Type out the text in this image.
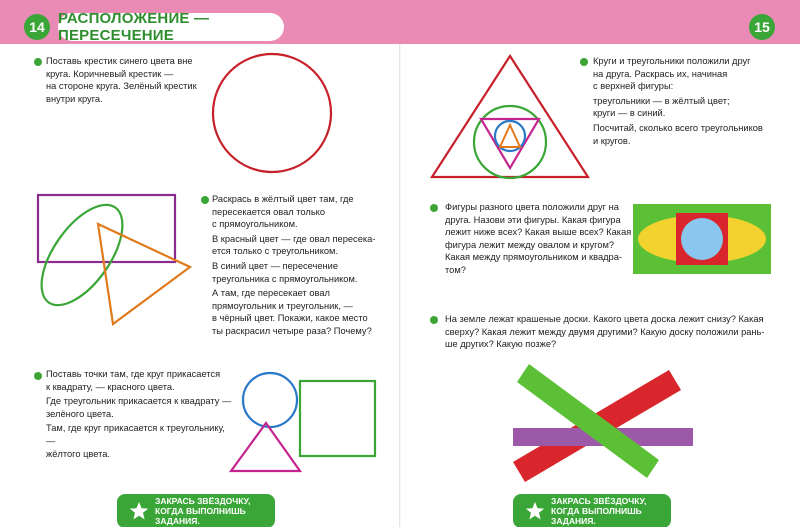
14	15
РАСПОЛОЖЕНИЕ — ПЕРЕСЕЧЕНИЕ
Поставь крестик синего цвета вне
круга. Коричневый крестик —
на стороне круга. Зелёный крестик
внутри круга.

Раскрась в жёлтый цвет там, где
пересекается овал только
с прямоугольником.

В красный цвет — где овал пересека-
ется только с треугольником.

В синий цвет — пересечение
треугольника с прямоугольником.

А там, где пересекает овал
прямоугольник и треугольник, —
в чёрный цвет. Покажи, какое место
ты раскрасил четыре раза? Почему?

Поставь точки там, где круг прикасается
к квадрату, — красного цвета.

Где треугольник прикасается к квадрату —
зелёного цвета.

Там, где круг прикасается к треугольнику, —
жёлтого цвета.

ЗАКРАСЬ ЗВЁЗДОЧКУ,
КОГДА ВЫПОЛНИШЬ ЗАДАНИЯ.

Круги и треугольники положили друг
на друга. Раскрась их, начиная
с верхней фигуры:

треугольники — в жёлтый цвет;
круги — в синий.

Посчитай, сколько всего треугольников
и кругов.

Фигуры разного цвета положили друг на
друга. Назови эти фигуры. Какая фигура
лежит ниже всех? Какая выше всех? Какая
фигура лежит между овалом и кругом?
Какая между прямоугольником и квадра-
том?
На земле лежат крашеные доски. Какого цвета доска лежит снизу? Какая
сверху? Какая лежит между двумя другими? Какую доску положили рань-
ше других? Какую позже?
ЗАКРАСЬ ЗВЁЗДОЧКУ,
КОГДА ВЫПОЛНИШЬ ЗАДАНИЯ.
